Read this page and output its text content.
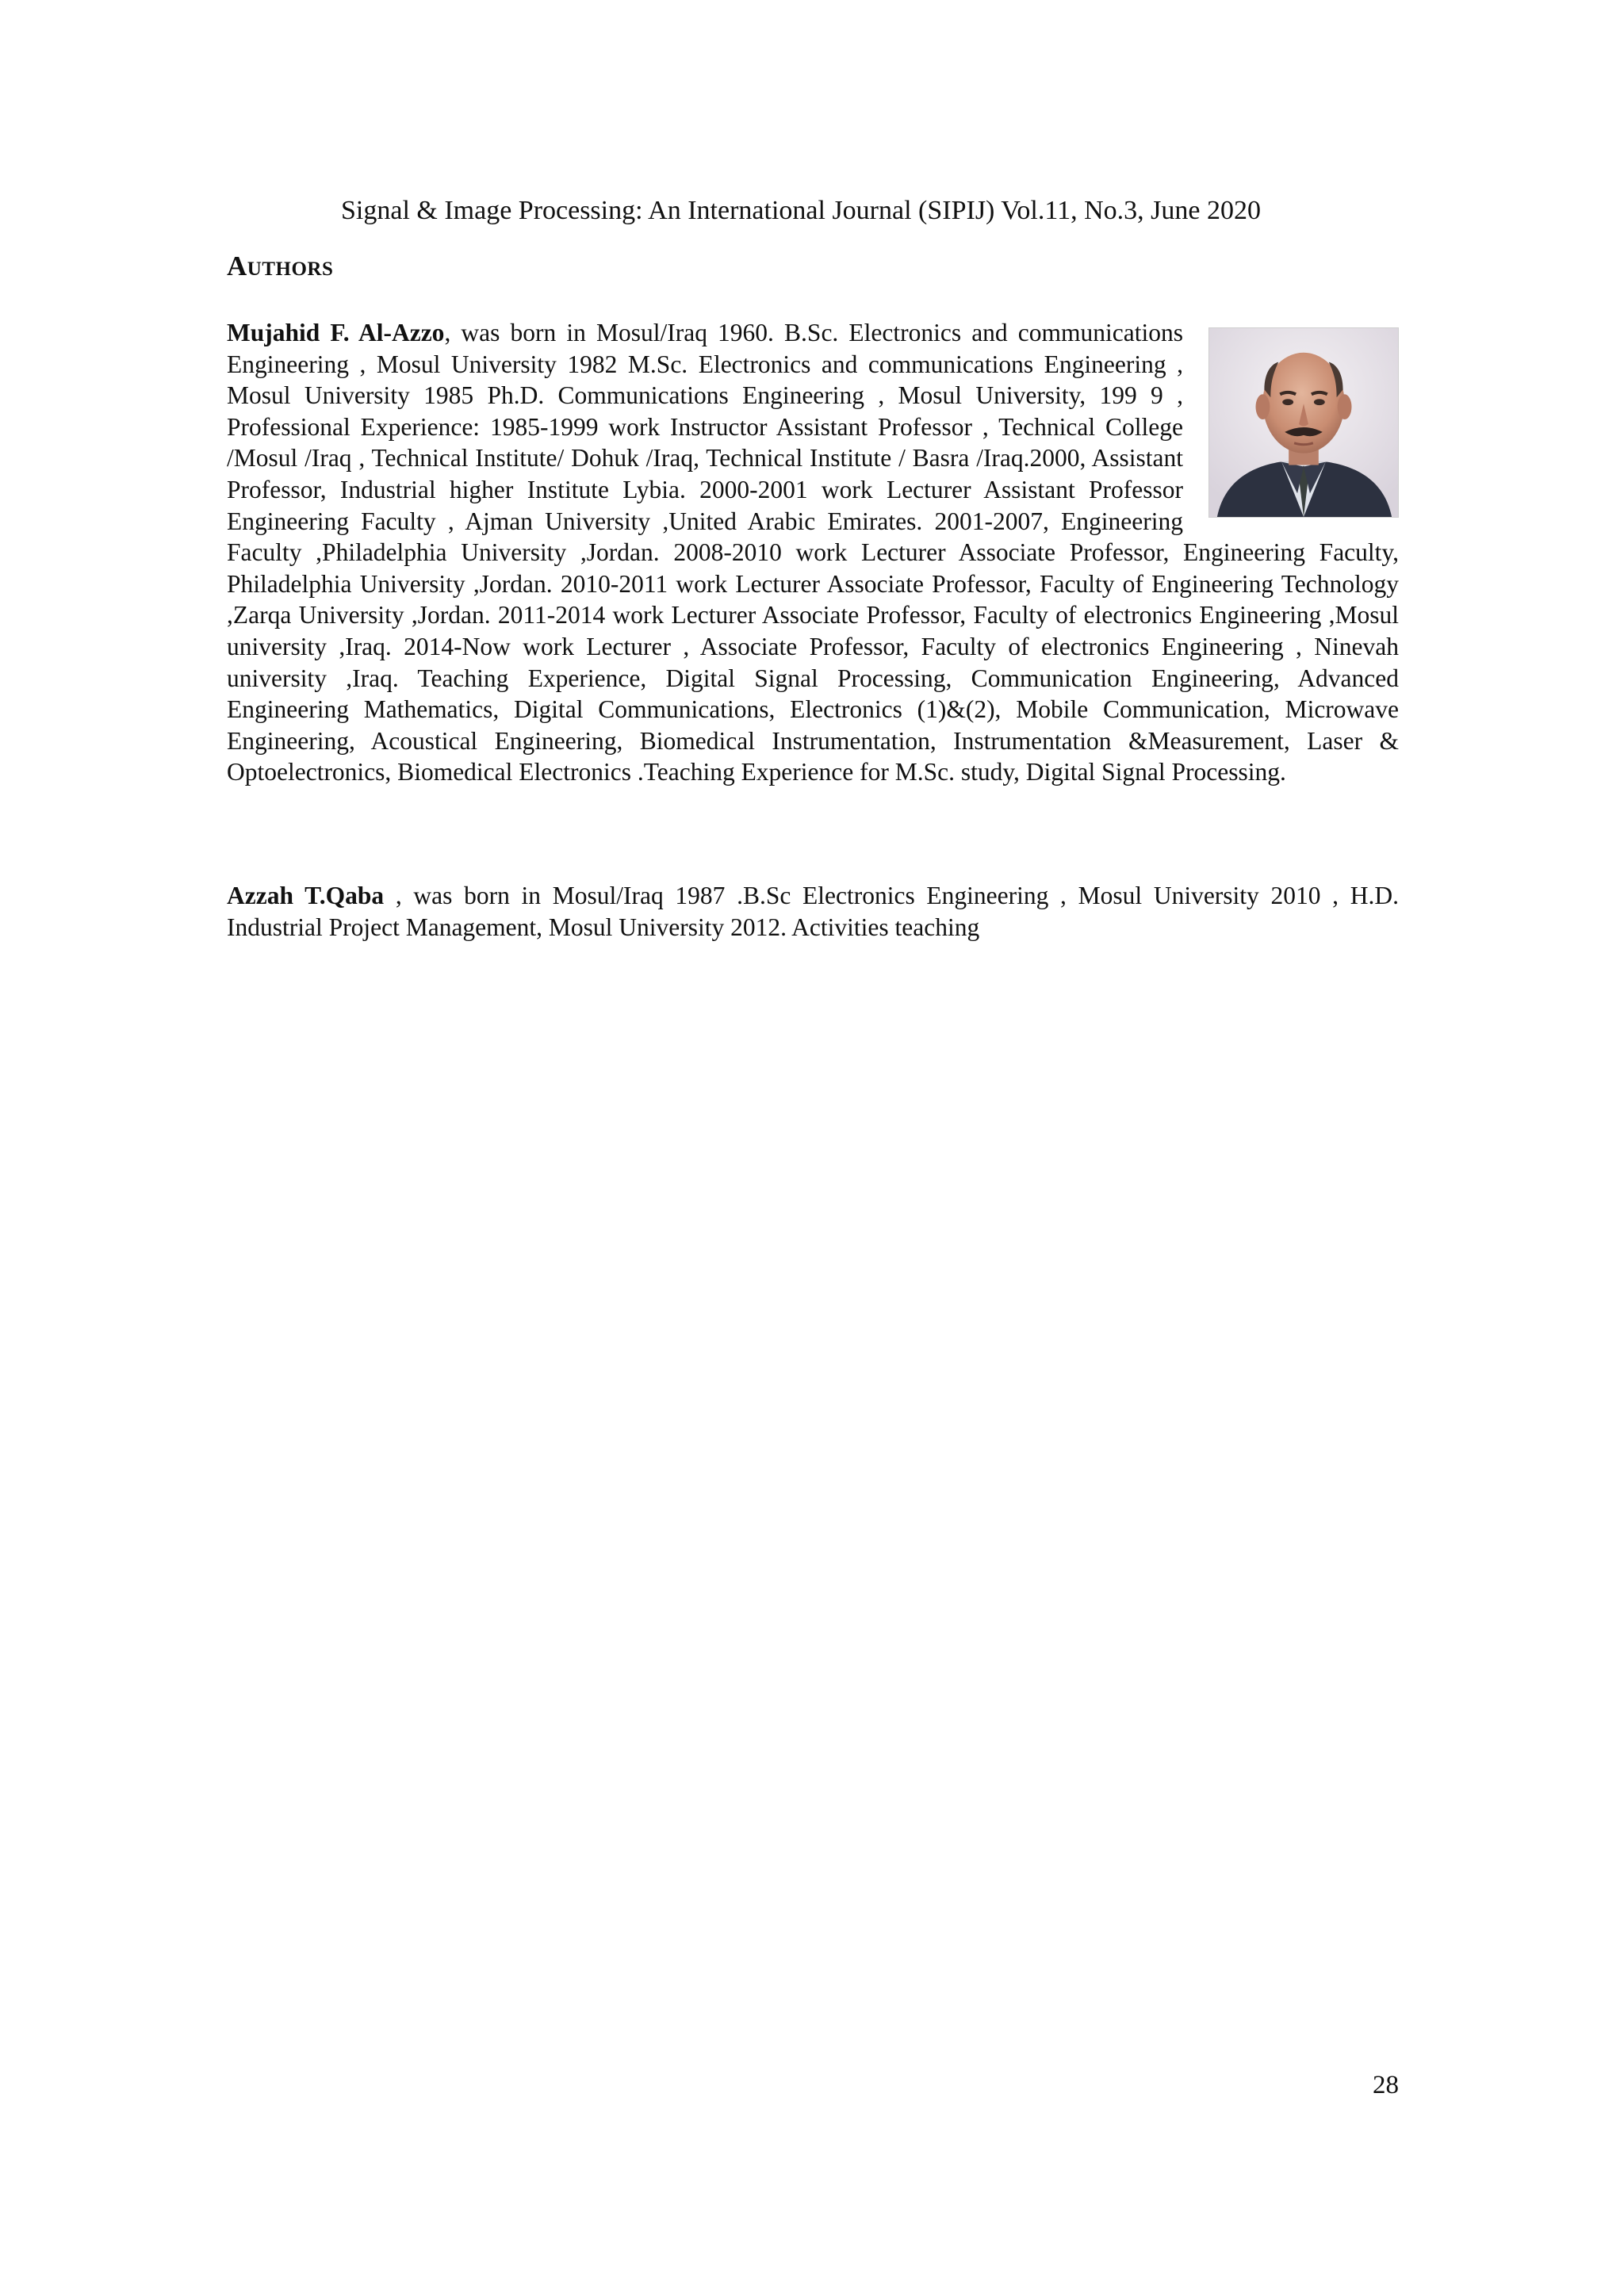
Signal & Image Processing: An International Journal (SIPIJ) Vol.11, No.3, June 2020
Authors
Mujahid F. Al-Azzo, was born in Mosul/Iraq 1960. B.Sc. Electronics and communications Engineering , Mosul University 1982 M.Sc. Electronics and communications Engineering , Mosul University 1985 Ph.D. Communications Engineering , Mosul University, 199 9 , Professional Experience: 1985-1999 work Instructor Assistant Professor , Technical College /Mosul /Iraq , Technical Institute/ Dohuk /Iraq, Technical Institute / Basra /Iraq.2000, Assistant Professor, Industrial higher Institute Lybia. 2000-2001 work Lecturer Assistant Professor Engineering Faculty , Ajman University ,United Arabic Emirates. 2001-2007, Engineering Faculty ,Philadelphia University ,Jordan. 2008-2010 work Lecturer Associate Professor, Engineering Faculty, Philadelphia University ,Jordan. 2010-2011 work Lecturer Associate Professor, Faculty of Engineering Technology ,Zarqa University ,Jordan. 2011-2014 work Lecturer Associate Professor, Faculty of electronics Engineering ,Mosul university ,Iraq. 2014-Now work Lecturer , Associate Professor, Faculty of electronics Engineering , Ninevah university ,Iraq. Teaching Experience, Digital Signal Processing, Communication Engineering, Advanced Engineering Mathematics, Digital Communications, Electronics (1)&(2), Mobile Communication, Microwave Engineering, Acoustical Engineering, Biomedical Instrumentation, Instrumentation &Measurement, Laser & Optoelectronics, Biomedical Electronics .Teaching Experience for M.Sc. study, Digital Signal Processing.
Azzah T.Qaba , was born in Mosul/Iraq 1987 .B.Sc Electronics Engineering , Mosul University 2010 , H.D. Industrial Project Management, Mosul University 2012. Activities teaching
28
